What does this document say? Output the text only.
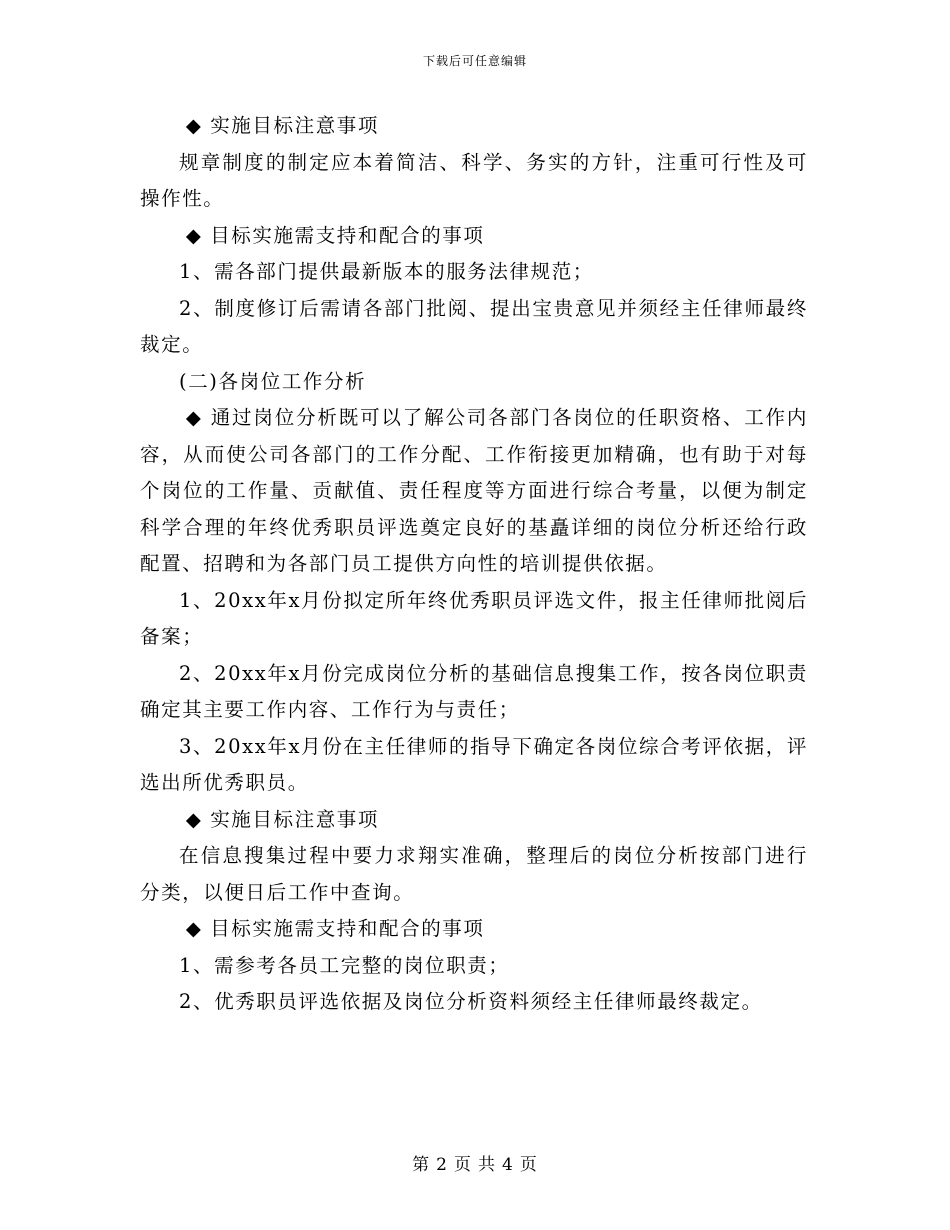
下载后可任意编辑

◆ 实施目标注意事项

规章制度的制定应本着简洁、科学、务实的方针，注重可行性及可操作性。

◆ 目标实施需支持和配合的事项

1、需各部门提供最新版本的服务法律规范；

2、制度修订后需请各部门批阅、提出宝贵意见并须经主任律师最终裁定。

(二)各岗位工作分析

◆ 通过岗位分析既可以了解公司各部门各岗位的任职资格、工作内容，从而使公司各部门的工作分配、工作衔接更加精确，也有助于对每个岗位的工作量、贡献值、责任程度等方面进行综合考量，以便为制定科学合理的年终优秀职员评选奠定良好的基矗详细的岗位分析还给行政配置、招聘和为各部门员工提供方向性的培训提供依据。

1、20xx年x月份拟定所年终优秀职员评选文件，报主任律师批阅后备案；

2、20xx年x月份完成岗位分析的基础信息搜集工作，按各岗位职责确定其主要工作内容、工作行为与责任；

3、20xx年x月份在主任律师的指导下确定各岗位综合考评依据，评选出所优秀职员。

◆ 实施目标注意事项

在信息搜集过程中要力求翔实准确，整理后的岗位分析按部门进行分类，以便日后工作中查询。

◆ 目标实施需支持和配合的事项

1、需参考各员工完整的岗位职责；

2、优秀职员评选依据及岗位分析资料须经主任律师最终裁定。

第 2 页 共 4 页
